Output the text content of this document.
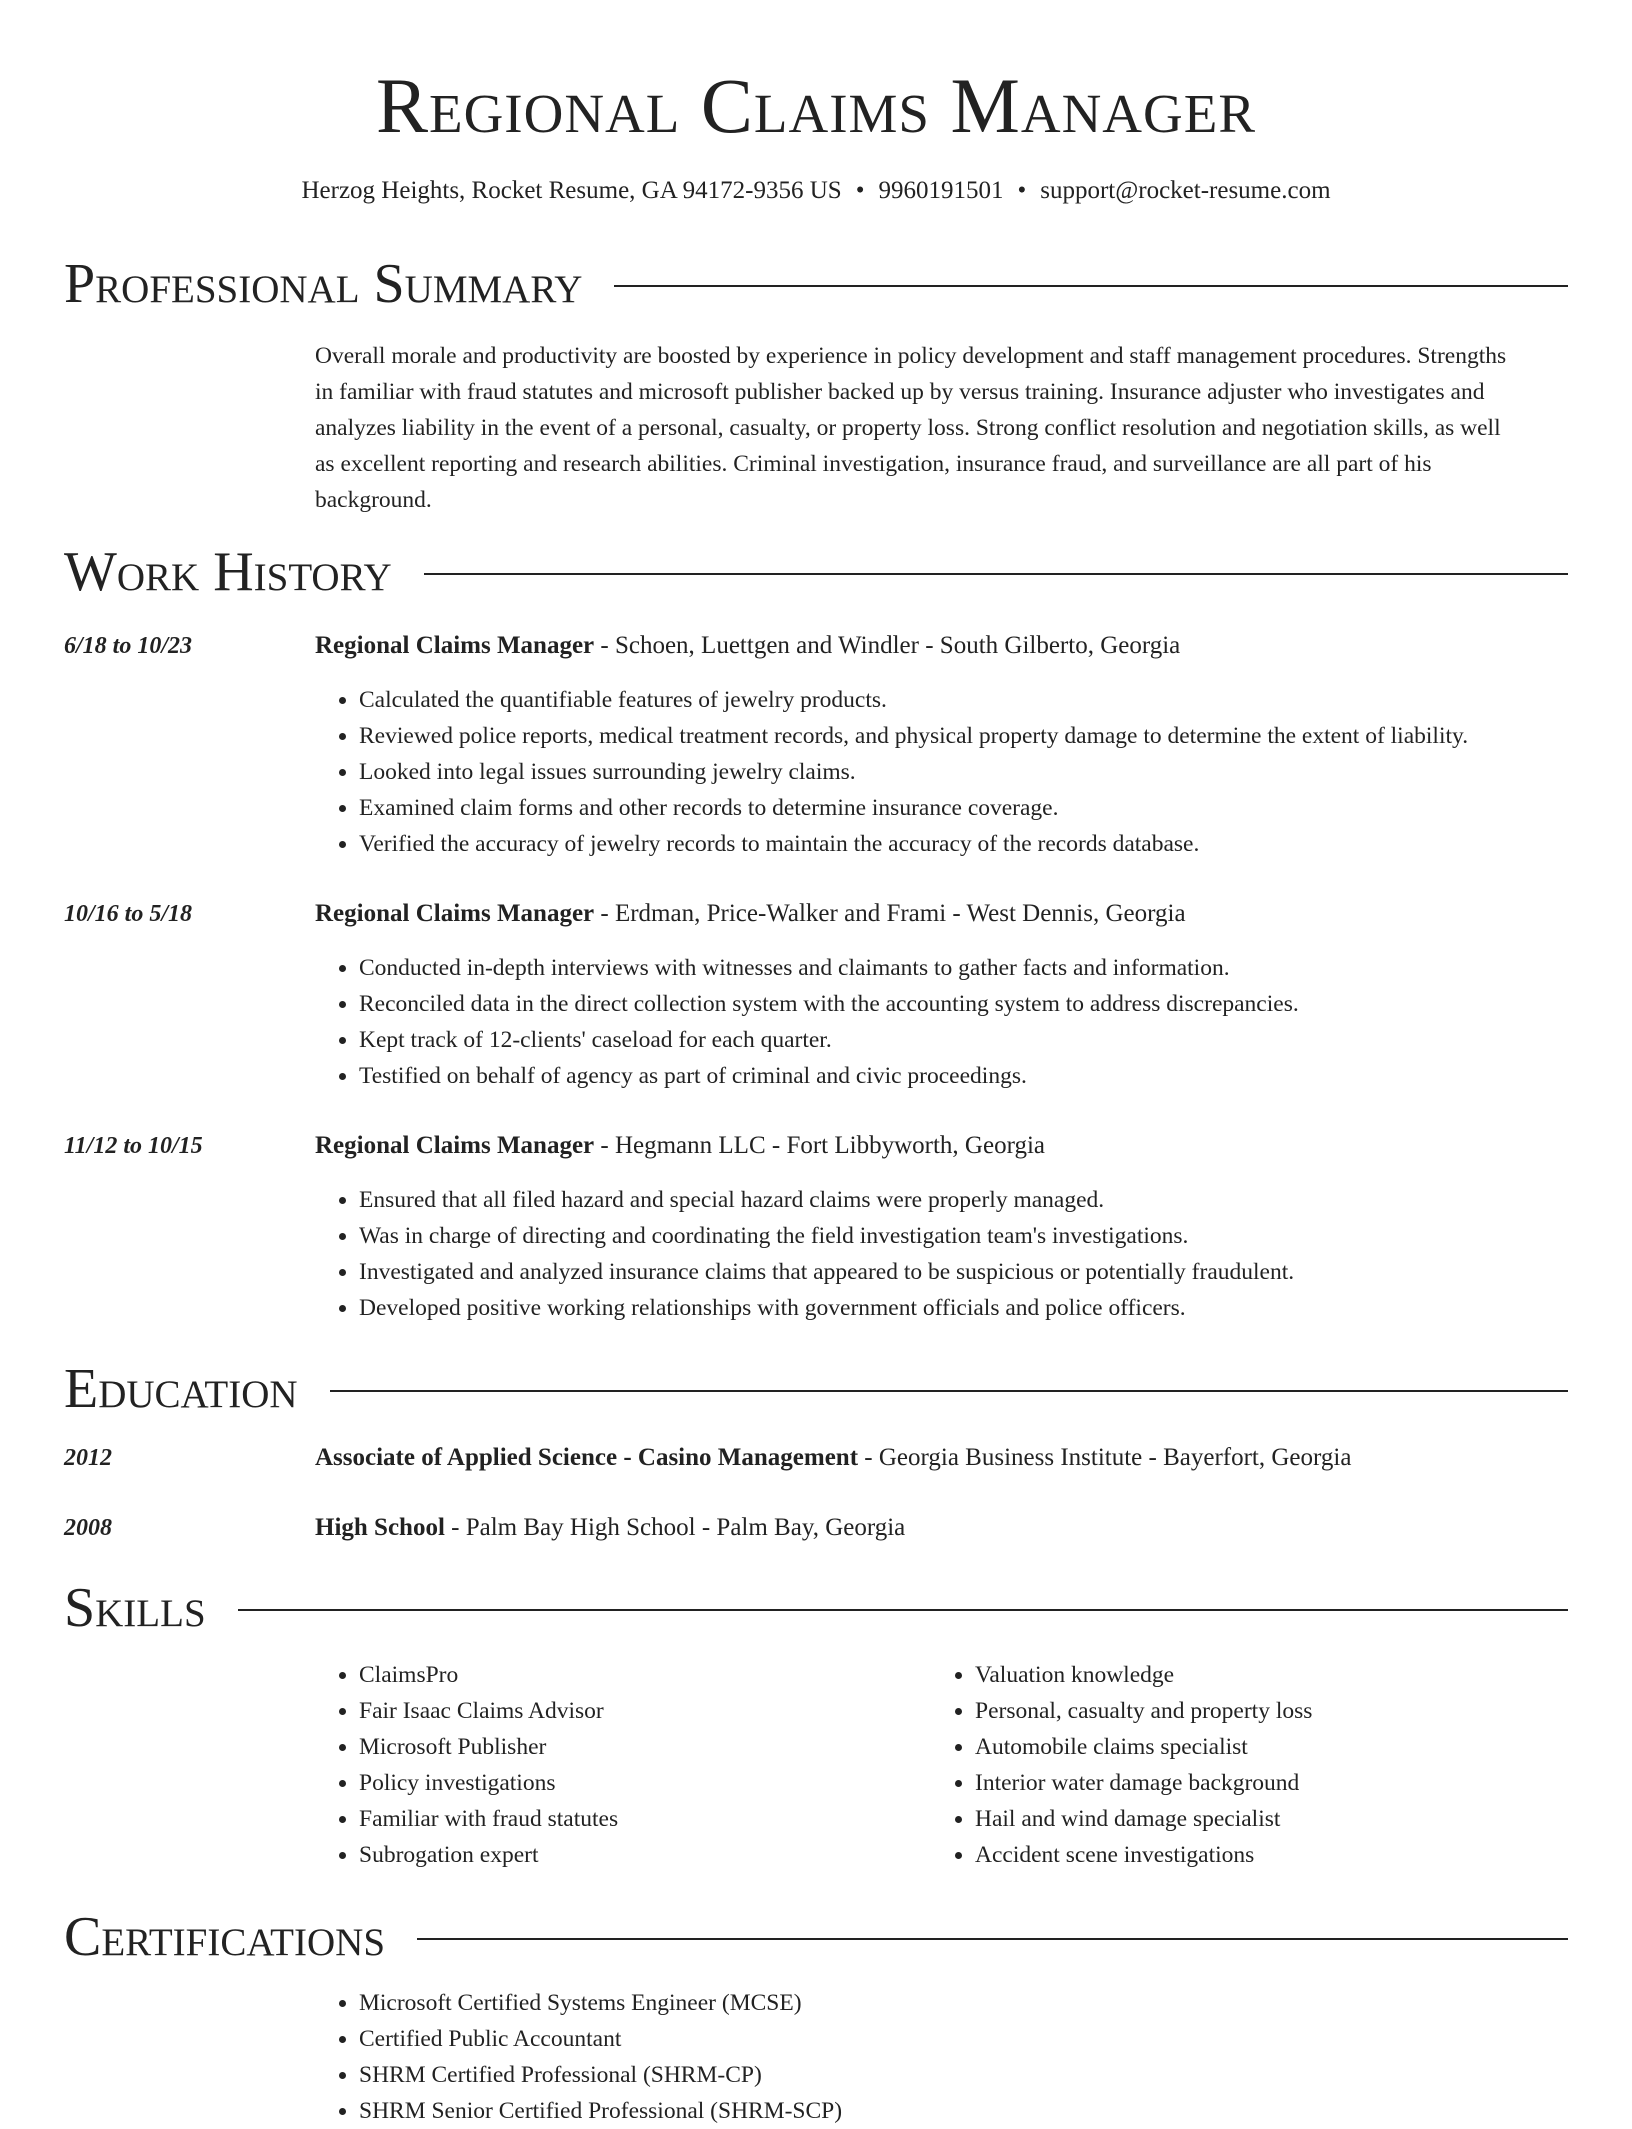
Regional Claims Manager
Herzog Heights, Rocket Resume, GA 94172-9356 US • 9960191501 • support@rocket-resume.com
Professional Summary
Overall morale and productivity are boosted by experience in policy development and staff management procedures. Strengths in familiar with fraud statutes and microsoft publisher backed up by versus training. Insurance adjuster who investigates and analyzes liability in the event of a personal, casualty, or property loss. Strong conflict resolution and negotiation skills, as well as excellent reporting and research abilities. Criminal investigation, insurance fraud, and surveillance are all part of his background.
Work History
6/18 to 10/23	Regional Claims Manager - Schoen, Luettgen and Windler - South Gilberto, Georgia
• Calculated the quantifiable features of jewelry products.
• Reviewed police reports, medical treatment records, and physical property damage to determine the extent of liability.
• Looked into legal issues surrounding jewelry claims.
• Examined claim forms and other records to determine insurance coverage.
• Verified the accuracy of jewelry records to maintain the accuracy of the records database.
10/16 to 5/18	Regional Claims Manager - Erdman, Price-Walker and Frami - West Dennis, Georgia
• Conducted in-depth interviews with witnesses and claimants to gather facts and information.
• Reconciled data in the direct collection system with the accounting system to address discrepancies.
• Kept track of 12-clients' caseload for each quarter.
• Testified on behalf of agency as part of criminal and civic proceedings.
11/12 to 10/15	Regional Claims Manager - Hegmann LLC - Fort Libbyworth, Georgia
• Ensured that all filed hazard and special hazard claims were properly managed.
• Was in charge of directing and coordinating the field investigation team's investigations.
• Investigated and analyzed insurance claims that appeared to be suspicious or potentially fraudulent.
• Developed positive working relationships with government officials and police officers.
Education
2012	Associate of Applied Science - Casino Management - Georgia Business Institute - Bayerfort, Georgia
2008	High School - Palm Bay High School - Palm Bay, Georgia
Skills
• ClaimsPro
• Fair Isaac Claims Advisor
• Microsoft Publisher
• Policy investigations
• Familiar with fraud statutes
• Subrogation expert
• Valuation knowledge
• Personal, casualty and property loss
• Automobile claims specialist
• Interior water damage background
• Hail and wind damage specialist
• Accident scene investigations
Certifications
• Microsoft Certified Systems Engineer (MCSE)
• Certified Public Accountant
• SHRM Certified Professional (SHRM-CP)
• SHRM Senior Certified Professional (SHRM-SCP)
